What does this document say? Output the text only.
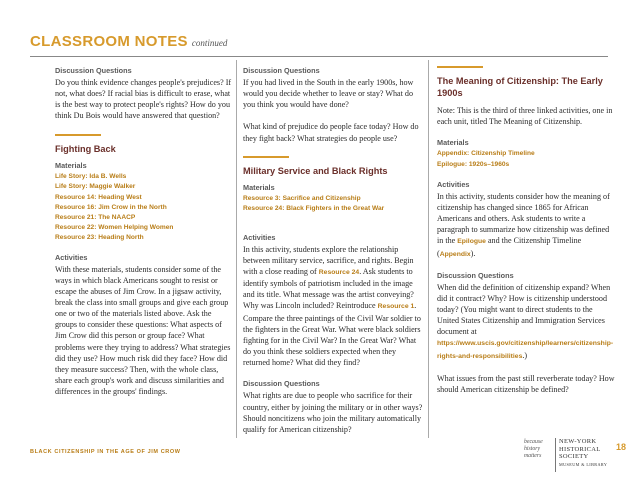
CLASSROOM NOTES continued
Discussion Questions

Do you think evidence changes people's prejudices? If not, what does? If racial bias is difficult to erase, what is the best way to protect people's rights? How do you think Du Bois would have answered that question?

Fighting Back
Materials
Life Story: Ida B. Wells
Life Story: Maggie Walker
Resource 14: Heading West
Resource 16: Jim Crow in the North
Resource 21: The NAACP
Resource 22: Women Helping Women
Resource 23: Heading North
Activities

With these materials, students consider some of the ways in which black Americans sought to resist or escape the abuses of Jim Crow. In a jigsaw activity, break the class into small groups and give each group one or two of the materials listed above. Ask the groups to consider these questions: What aspects of Jim Crow did this person or group face? What problems were they trying to address? What strategies did they use? How much risk did they face? How did they measure success? Then, with the whole class, share each group's work and discuss similarities and differences in the groups' findings.

Discussion Questions

If you had lived in the South in the early 1900s, how would you decide whether to leave or stay? What do you think you would have done?

What kind of prejudice do people face today? How do they fight back? What strategies do people use?

Military Service and Black Rights
Materials
Resource 3: Sacrifice and Citizenship
Resource 24: Black Fighters in the Great War
Activities

In this activity, students explore the relationship between military service, sacrifice, and rights. Begin with a close reading of Resource 24. Ask students to identify symbols of patriotism included in the image and its title. What message was the artist conveying? Why was Lincoln included? Reintroduce Resource 1. Compare the three paintings of the Civil War soldier to the fighters in the Great War. What were black soldiers fighting for in the Civil War? In the Great War? What do you think these soldiers expected when they returned home? What did they find?

Discussion Questions

What rights are due to people who sacrifice for their country, either by joining the military or in other ways? Should noncitizens who join the military automatically qualify for American citizenship?

The Meaning of Citizenship: The Early 1900s

Note: This is the third of three linked activities, one in each unit, titled The Meaning of Citizenship.

Materials
Appendix: Citizenship Timeline
Epilogue: 1920s–1960s
Activities

In this activity, students consider how the meaning of citizenship has changed since 1865 for African Americans and others. Ask students to write a paragraph to summarize how citizenship was defined in the Epilogue and the Citizenship Timeline (Appendix).

Discussion Questions

When did the definition of citizenship expand? When did it contract? Why? How is citizenship understood today? (You might want to direct students to the United States Citizenship and Immigration Services document at https://www.uscis.gov/citizenship/learners/citizenship-rights-and-responsibilities.)

What issues from the past still reverberate today? How should American citizenship be defined?

BLACK CITIZENSHIP IN THE AGE OF JIM CROW
because
history
matters
NEW-YORK
HISTORICAL
SOCIETY
MUSEUM & LIBRARY
18
